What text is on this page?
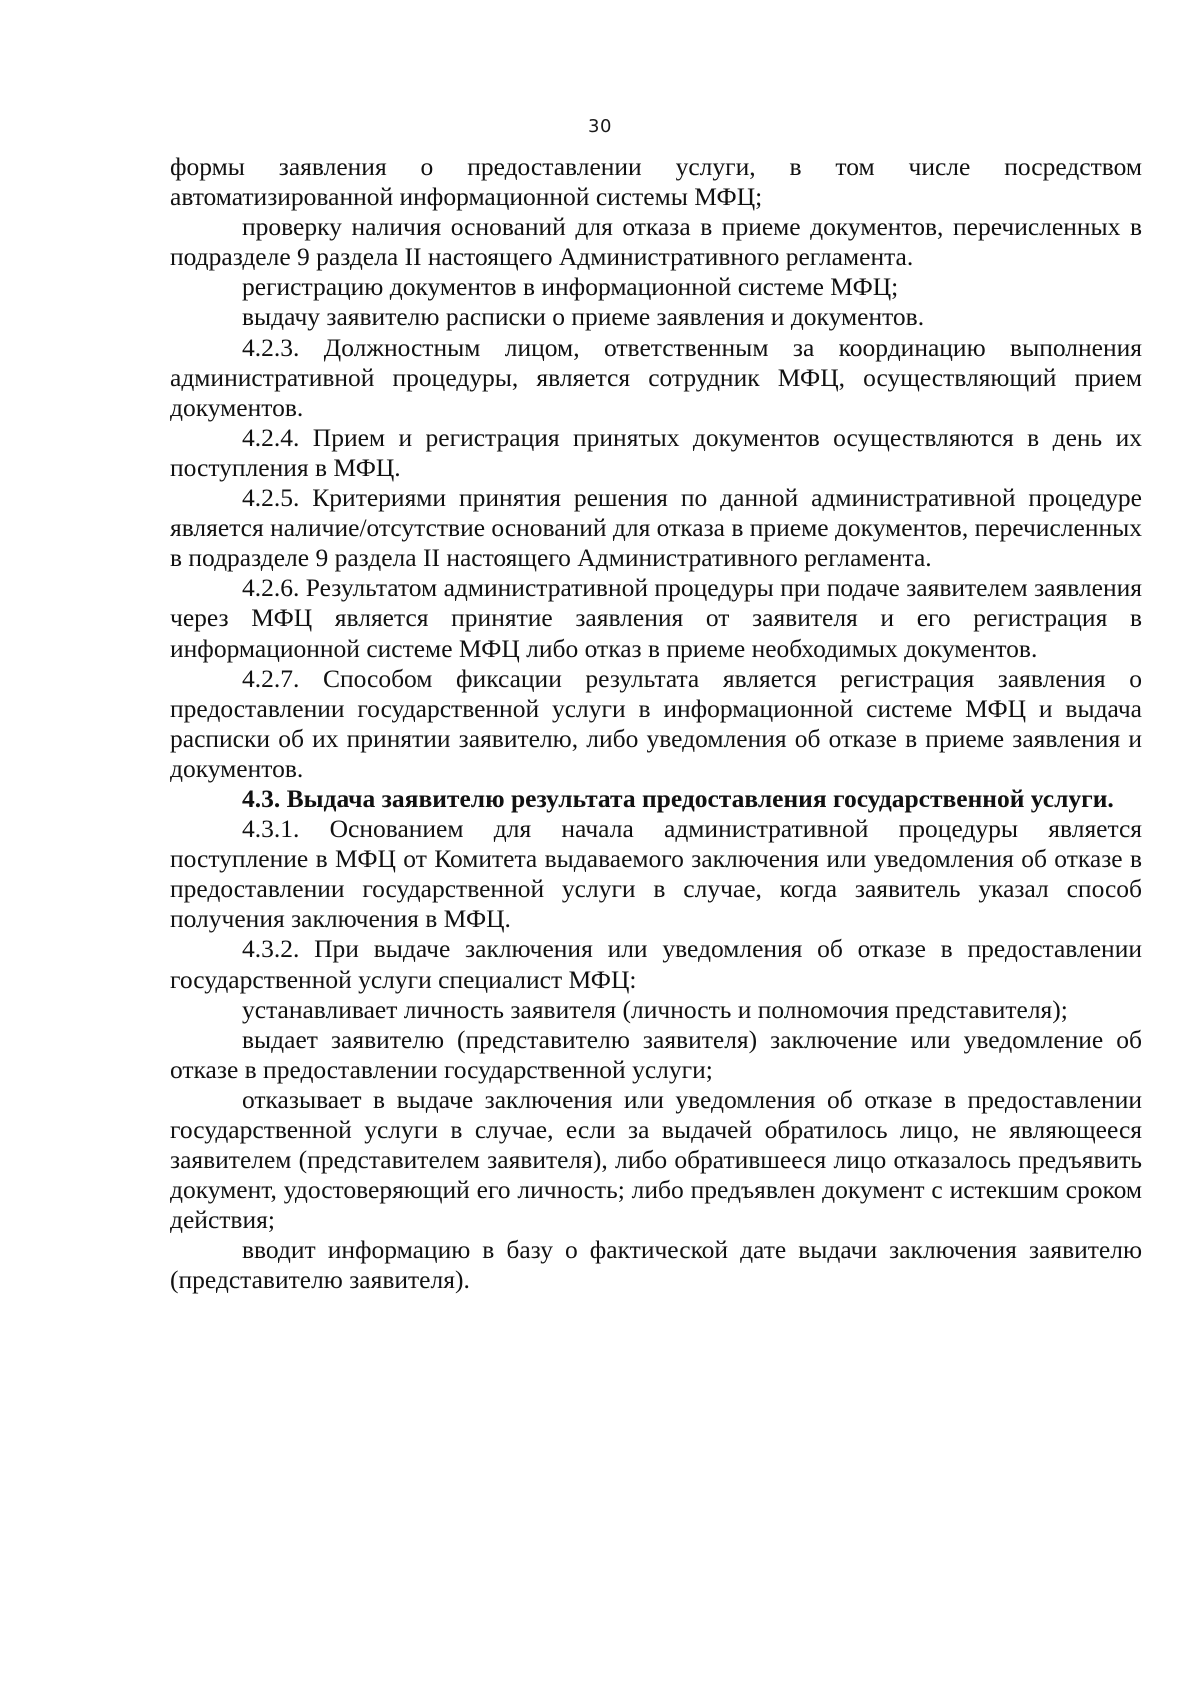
30

формы заявления о предоставлении услуги, в том числе посредством автоматизированной информационной системы МФЦ;

проверку наличия оснований для отказа в приеме документов, перечисленных в подразделе 9 раздела II настоящего Административного регламента.

регистрацию документов в информационной системе МФЦ;

выдачу заявителю расписки о приеме заявления и документов.

4.2.3. Должностным лицом, ответственным за координацию выполнения административной процедуры, является сотрудник МФЦ, осуществляющий прием документов.

4.2.4. Прием и регистрация принятых документов осуществляются в день их поступления в МФЦ.

4.2.5. Критериями принятия решения по данной административной процедуре является наличие/отсутствие оснований для отказа в приеме документов, перечисленных в подразделе 9 раздела II настоящего Административного регламента.

4.2.6. Результатом административной процедуры при подаче заявителем заявления через МФЦ является принятие заявления от заявителя и его регистрация в информационной системе МФЦ либо отказ в приеме необходимых документов.

4.2.7. Способом фиксации результата является регистрация заявления о предоставлении государственной услуги в информационной системе МФЦ и выдача расписки об их принятии заявителю, либо уведомления об отказе в приеме заявления и документов.

4.3. Выдача заявителю результата предоставления государственной услуги.

4.3.1. Основанием для начала административной процедуры является поступление в МФЦ от Комитета выдаваемого заключения или уведомления об отказе в предоставлении государственной услуги в случае, когда заявитель указал способ получения заключения в МФЦ.

4.3.2. При выдаче заключения или уведомления об отказе в предоставлении государственной услуги специалист МФЦ:

устанавливает личность заявителя (личность и полномочия представителя);

выдает заявителю (представителю заявителя) заключение или уведомление об отказе в предоставлении государственной услуги;

отказывает в выдаче заключения или уведомления об отказе в предоставлении государственной услуги в случае, если за выдачей обратилось лицо, не являющееся заявителем (представителем заявителя), либо обратившееся лицо отказалось предъявить документ, удостоверяющий его личность; либо предъявлен документ с истекшим сроком действия;

вводит информацию в базу о фактической дате выдачи заключения заявителю (представителю заявителя).
